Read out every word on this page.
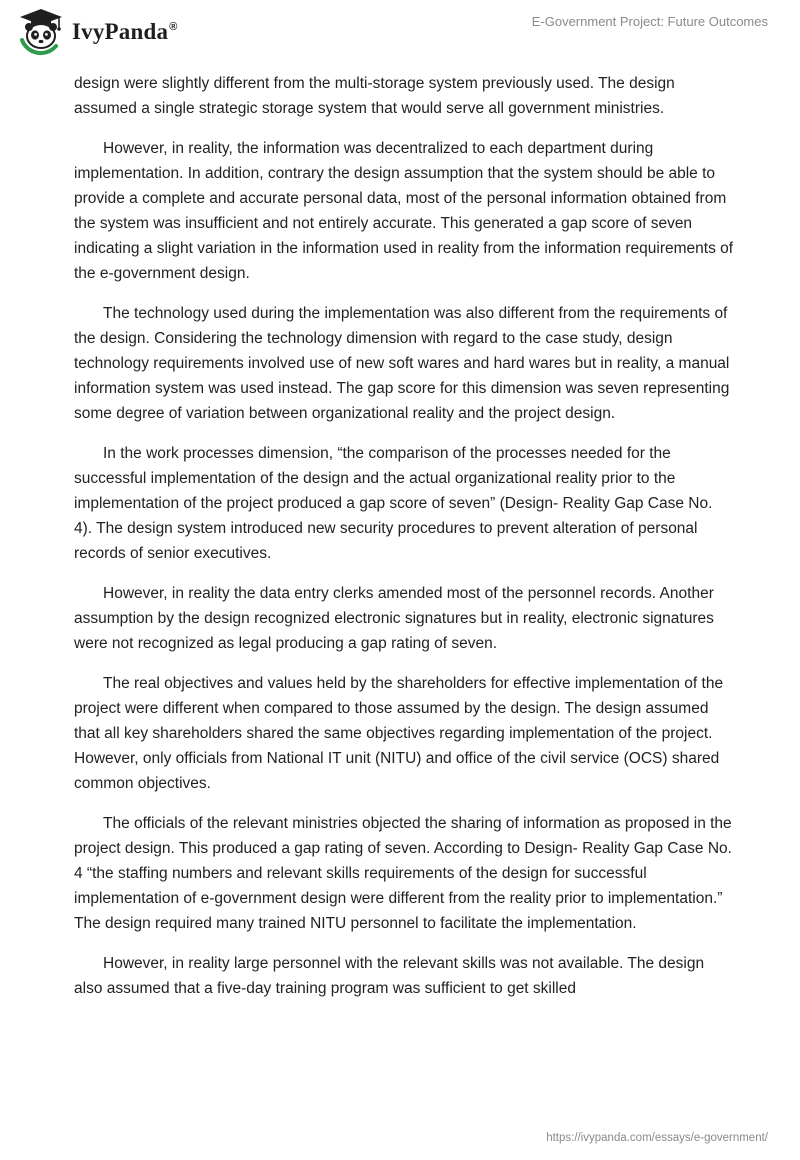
IvyPanda®	E-Government Project: Future Outcomes

design were slightly different from the multi-storage system previously used. The design assumed a single strategic storage system that would serve all government ministries.

However, in reality, the information was decentralized to each department during implementation. In addition, contrary the design assumption that the system should be able to provide a complete and accurate personal data, most of the personal information obtained from the system was insufficient and not entirely accurate. This generated a gap score of seven indicating a slight variation in the information used in reality from the information requirements of the e-government design.

The technology used during the implementation was also different from the requirements of the design. Considering the technology dimension with regard to the case study, design technology requirements involved use of new soft wares and hard wares but in reality, a manual information system was used instead. The gap score for this dimension was seven representing some degree of variation between organizational reality and the project design.

In the work processes dimension, “the comparison of the processes needed for the successful implementation of the design and the actual organizational reality prior to the implementation of the project produced a gap score of seven” (Design- Reality Gap Case No. 4). The design system introduced new security procedures to prevent alteration of personal records of senior executives.

However, in reality the data entry clerks amended most of the personnel records. Another assumption by the design recognized electronic signatures but in reality, electronic signatures were not recognized as legal producing a gap rating of seven.

The real objectives and values held by the shareholders for effective implementation of the project were different when compared to those assumed by the design. The design assumed that all key shareholders shared the same objectives regarding implementation of the project. However, only officials from National IT unit (NITU) and office of the civil service (OCS) shared common objectives.

The officials of the relevant ministries objected the sharing of information as proposed in the project design. This produced a gap rating of seven. According to Design- Reality Gap Case No. 4 “the staffing numbers and relevant skills requirements of the design for successful implementation of e-government design were different from the reality prior to implementation.” The design required many trained NITU personnel to facilitate the implementation.

However, in reality large personnel with the relevant skills was not available. The design also assumed that a five-day training program was sufficient to get skilled

https://ivypanda.com/essays/e-government/
